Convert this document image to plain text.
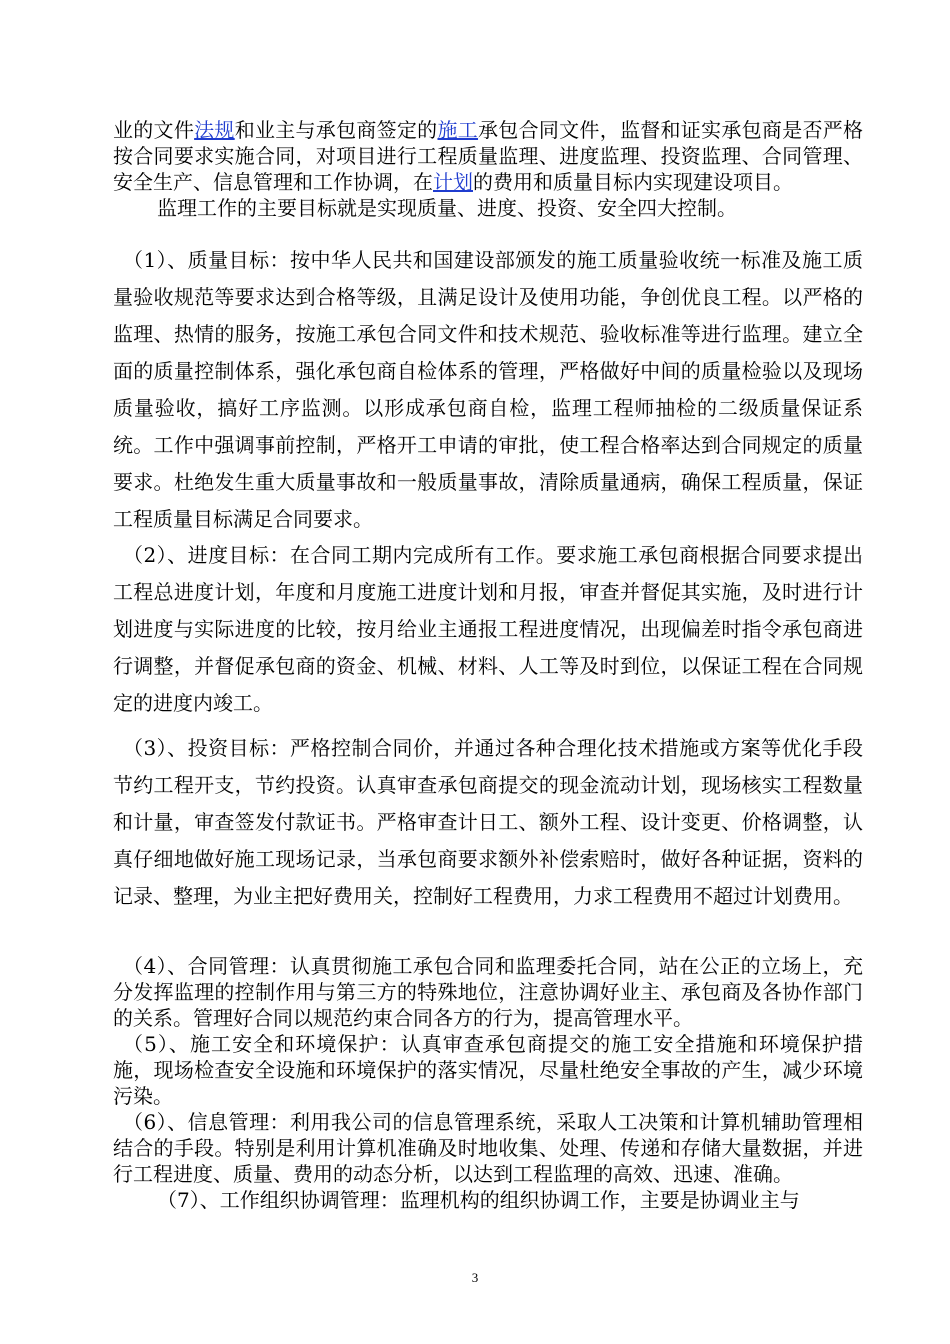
业的文件法规和业主与承包商签定的施工承包合同文件，监督和证实承包商是否严格按合同要求实施合同，对项目进行工程质量监理、进度监理、投资监理、合同管理、安全生产、信息管理和工作协调，在计划的费用和质量目标内实现建设项目。

监理工作的主要目标就是实现质量、进度、投资、安全四大控制。

（1）、质量目标：按中华人民共和国建设部颁发的施工质量验收统一标准及施工质量验收规范等要求达到合格等级，且满足设计及使用功能，争创优良工程。以严格的监理、热情的服务，按施工承包合同文件和技术规范、验收标准等进行监理。建立全面的质量控制体系，强化承包商自检体系的管理，严格做好中间的质量检验以及现场质量验收，搞好工序监测。以形成承包商自检，监理工程师抽检的二级质量保证系统。工作中强调事前控制，严格开工申请的审批，使工程合格率达到合同规定的质量要求。杜绝发生重大质量事故和一般质量事故，清除质量通病，确保工程质量，保证工程质量目标满足合同要求。

（2）、进度目标：在合同工期内完成所有工作。要求施工承包商根据合同要求提出工程总进度计划，年度和月度施工进度计划和月报，审查并督促其实施，及时进行计划进度与实际进度的比较，按月给业主通报工程进度情况，出现偏差时指令承包商进行调整，并督促承包商的资金、机械、材料、人工等及时到位，以保证工程在合同规定的进度内竣工。

（3）、投资目标：严格控制合同价，并通过各种合理化技术措施或方案等优化手段节约工程开支，节约投资。认真审查承包商提交的现金流动计划，现场核实工程数量和计量，审查签发付款证书。严格审查计日工、额外工程、设计变更、价格调整，认真仔细地做好施工现场记录，当承包商要求额外补偿索赔时，做好各种证据，资料的记录、整理，为业主把好费用关，控制好工程费用，力求工程费用不超过计划费用。

（4）、合同管理：认真贯彻施工承包合同和监理委托合同，站在公正的立场上，充分发挥监理的控制作用与第三方的特殊地位，注意协调好业主、承包商及各协作部门的关系。管理好合同以规范约束合同各方的行为，提高管理水平。

（5）、施工安全和环境保护：认真审查承包商提交的施工安全措施和环境保护措施，现场检查安全设施和环境保护的落实情况，尽量杜绝安全事故的产生，减少环境污染。

（6）、信息管理：利用我公司的信息管理系统，采取人工决策和计算机辅助管理相结合的手段。特别是利用计算机准确及时地收集、处理、传递和存储大量数据，并进行工程进度、质量、费用的动态分析，以达到工程监理的高效、迅速、准确。

（7）、工作组织协调管理：监理机构的组织协调工作，主要是协调业主与

3
